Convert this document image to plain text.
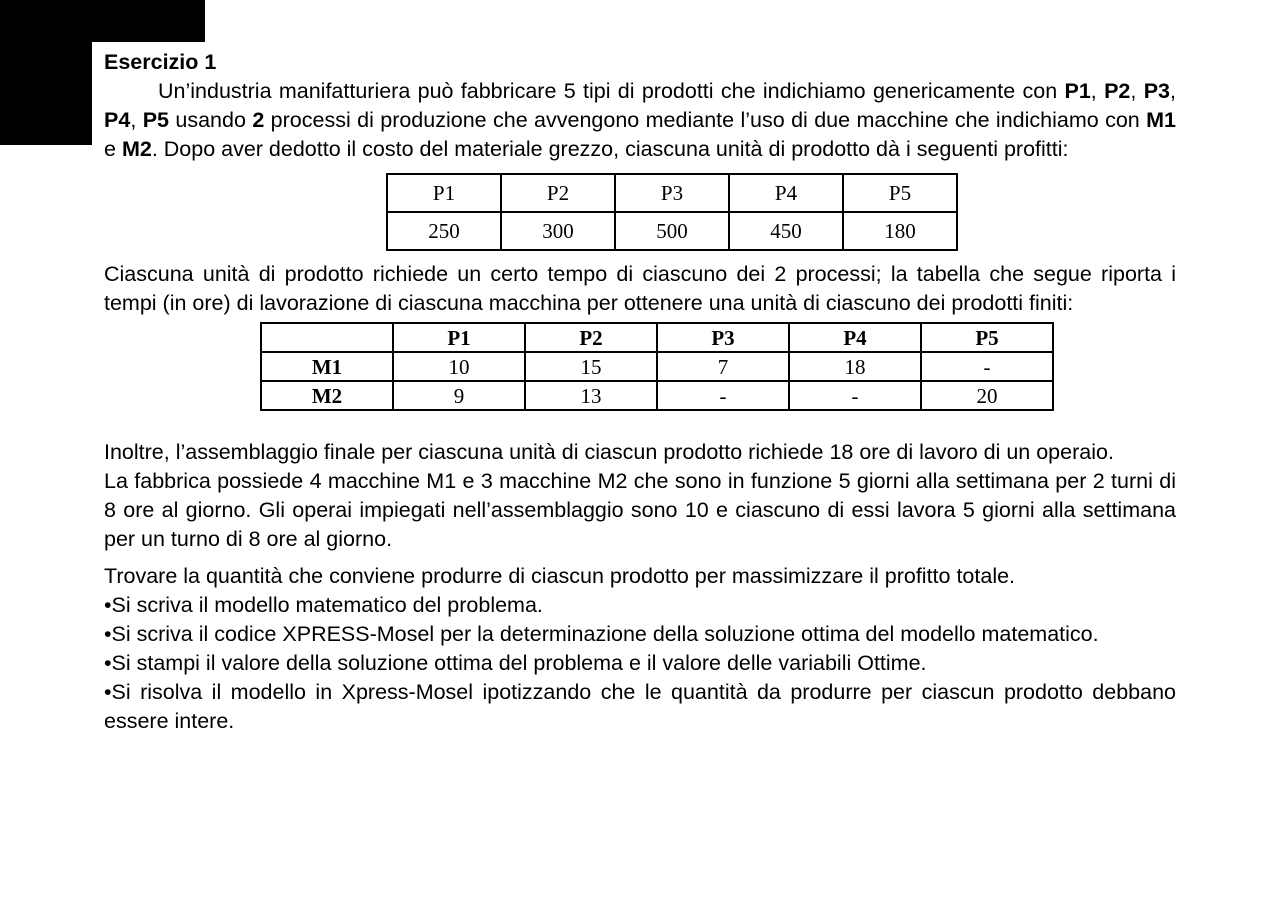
Esercizio 1

Un’industria manifatturiera può fabbricare 5 tipi di prodotti che indichiamo genericamente con P1, P2, P3, P4, P5 usando 2 processi di produzione che avvengono mediante l’uso di due macchine che indichiamo con M1 e M2. Dopo aver dedotto il costo del materiale grezzo, ciascuna unità di prodotto dà i seguenti profitti:

P1	P2	P3	P4	P5
250	300	500	450	180

Ciascuna unità di prodotto richiede un certo tempo di ciascuno dei 2 processi; la tabella che segue riporta i tempi (in ore) di lavorazione di ciascuna macchina per ottenere una unità di ciascuno dei prodotti finiti:

	P1	P2	P3	P4	P5
M1	10	15	7	18	-
M2	9	13	-	-	20

Inoltre, l’assemblaggio finale per ciascuna unità di ciascun prodotto richiede 18 ore di lavoro di un operaio.

La fabbrica possiede 4 macchine M1 e 3 macchine M2 che sono in funzione 5 giorni alla settimana per 2 turni di 8 ore al giorno. Gli operai impiegati nell’assemblaggio sono 10 e ciascuno di essi lavora 5 giorni alla settimana per un turno di 8 ore al giorno.

Trovare la quantità che conviene produrre di ciascun prodotto per massimizzare il profitto totale.

•Si scriva il modello matematico del problema.

•Si scriva il codice XPRESS-Mosel per la determinazione della soluzione ottima del modello matematico.

•Si stampi il valore della soluzione ottima del problema e il valore delle variabili Ottime.

•Si risolva il modello in Xpress-Mosel ipotizzando che le quantità da produrre per ciascun prodotto debbano essere intere.
